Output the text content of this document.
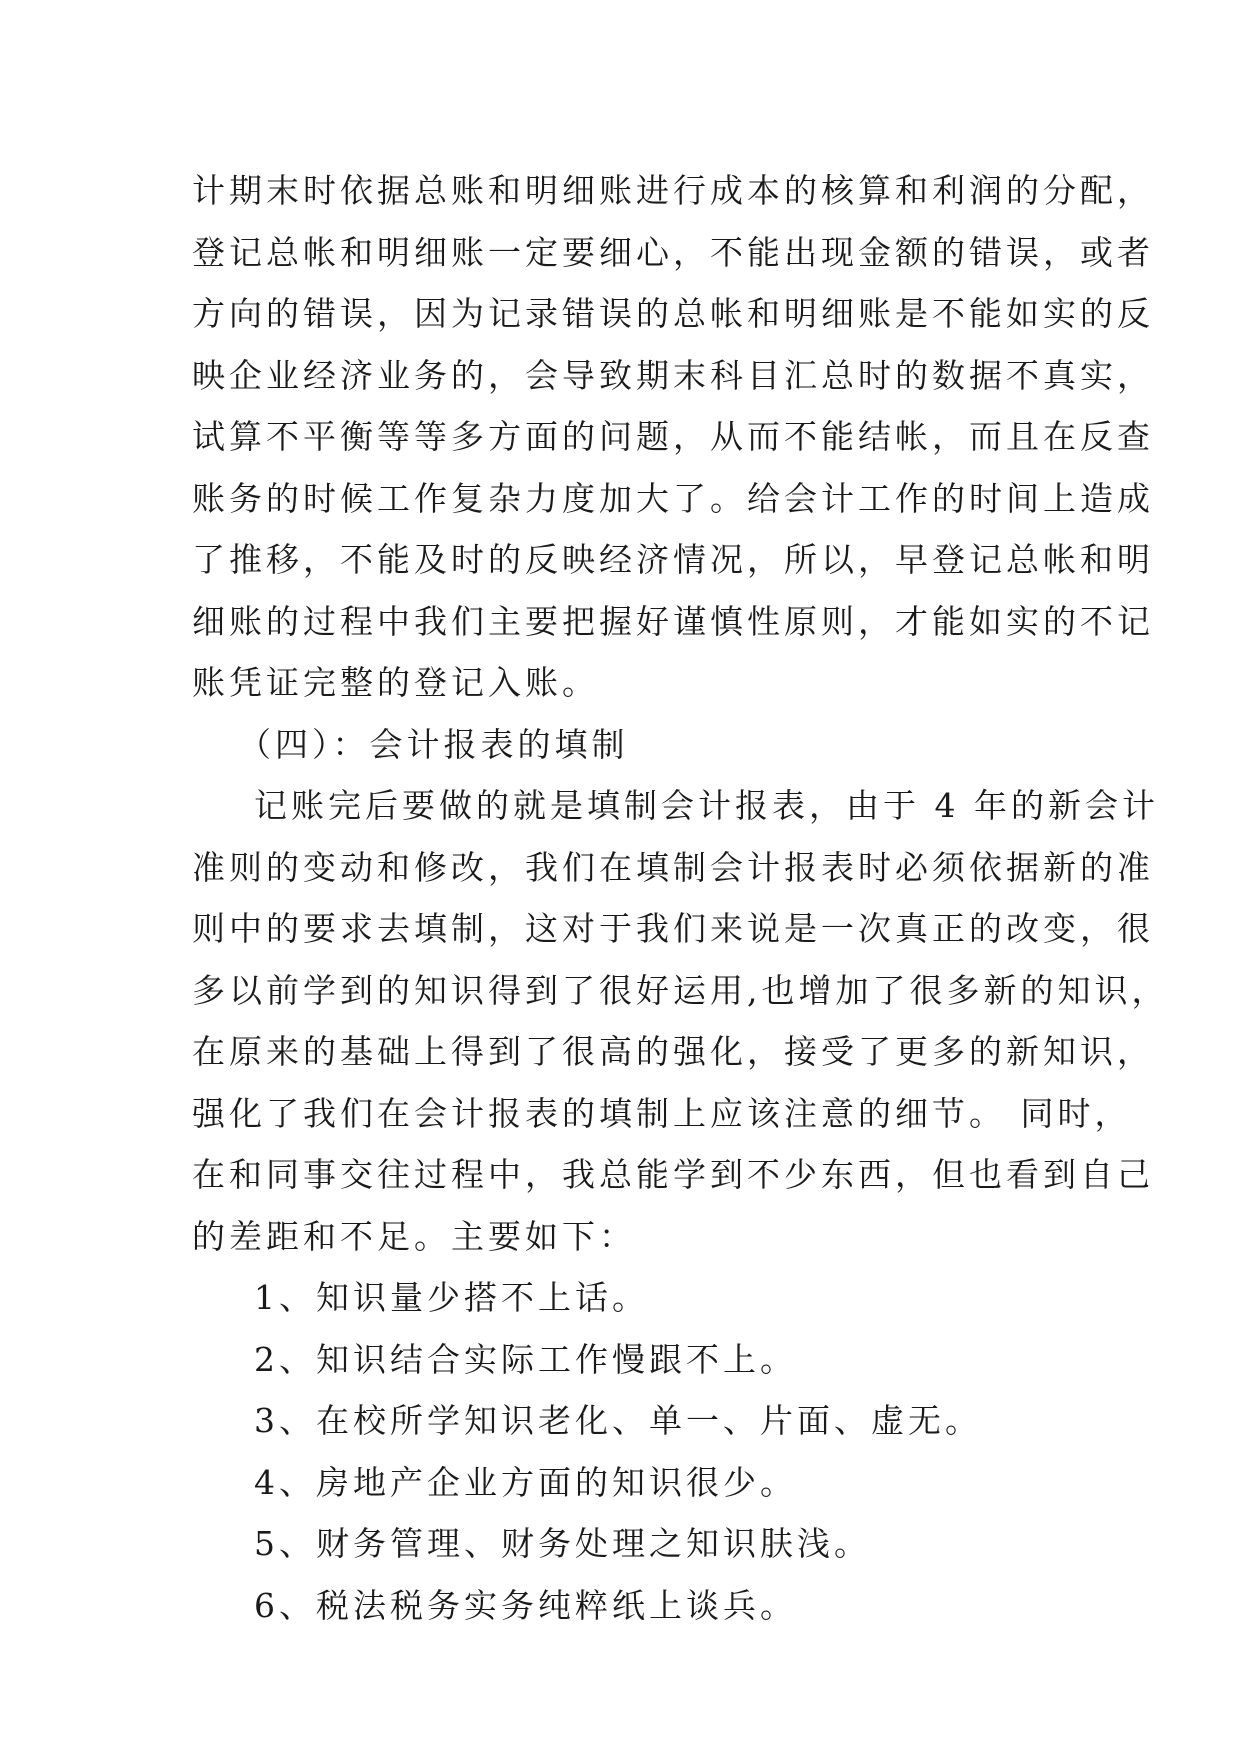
计期末时依据总账和明细账进行成本的核算和利润的分配，
登记总帐和明细账一定要细心，不能出现金额的错误，或者
方向的错误，因为记录错误的总帐和明细账是不能如实的反
映企业经济业务的，会导致期末科目汇总时的数据不真实，
试算不平衡等等多方面的问题，从而不能结帐，而且在反查
账务的时候工作复杂力度加大了。给会计工作的时间上造成
了推移，不能及时的反映经济情况，所以，早登记总帐和明
细账的过程中我们主要把握好谨慎性原则，才能如实的不记
账凭证完整的登记入账。
（四）：会计报表的填制
记账完后要做的就是填制会计报表，由于 4 年的新会计
准则的变动和修改，我们在填制会计报表时必须依据新的准
则中的要求去填制，这对于我们来说是一次真正的改变，很
多以前学到的知识得到了很好运用,也增加了很多新的知识，
在原来的基础上得到了很高的强化，接受了更多的新知识，
强化了我们在会计报表的填制上应该注意的细节。 同时，
在和同事交往过程中，我总能学到不少东西，但也看到自己
的差距和不足。主要如下：
1、知识量少搭不上话。
2、知识结合实际工作慢跟不上。
3、在校所学知识老化、单一、片面、虚无。
4、房地产企业方面的知识很少。
5、财务管理、财务处理之知识肤浅。
6、税法税务实务纯粹纸上谈兵。
